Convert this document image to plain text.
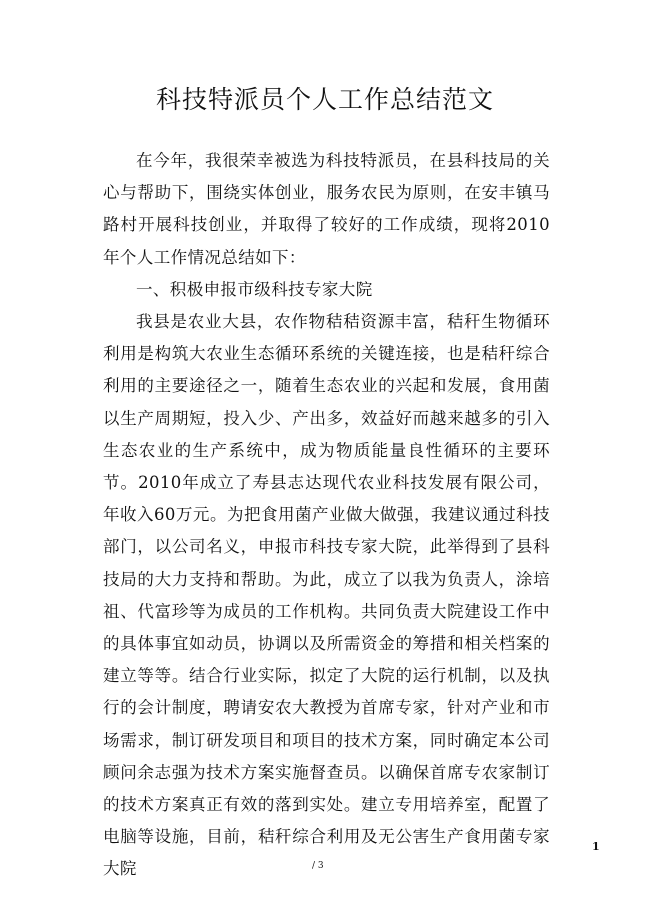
科技特派员个人工作总结范文

在今年，我很荣幸被选为科技特派员，在县科技局的关心与帮助下，围绕实体创业，服务农民为原则，在安丰镇马路村开展科技创业，并取得了较好的工作成绩，现将2010年个人工作情况总结如下：

一、积极申报市级科技专家大院

我县是农业大县，农作物秸秸资源丰富，秸秆生物循环利用是构筑大农业生态循环系统的关键连接，也是秸秆综合利用的主要途径之一，随着生态农业的兴起和发展，食用菌以生产周期短，投入少、产出多，效益好而越来越多的引入生态农业的生产系统中，成为物质能量良性循环的主要环节。2010年成立了寿县志达现代农业科技发展有限公司，年收入60万元。为把食用菌产业做大做强，我建议通过科技部门，以公司名义，申报市科技专家大院，此举得到了县科技局的大力支持和帮助。为此，成立了以我为负责人，涂培祖、代富珍等为成员的工作机构。共同负责大院建设工作中的具体事宜如动员，协调以及所需资金的筹措和相关档案的建立等等。结合行业实际，拟定了大院的运行机制，以及执行的会计制度，聘请安农大教授为首席专家，针对产业和市场需求，制订研发项目和项目的技术方案，同时确定本公司顾问余志强为技术方案实施督查员。以确保首席专农家制订的技术方案真正有效的落到实处。建立专用培养室，配置了电脑等设施，目前，秸秆综合利用及无公害生产食用菌专家大院

1
/ 3
